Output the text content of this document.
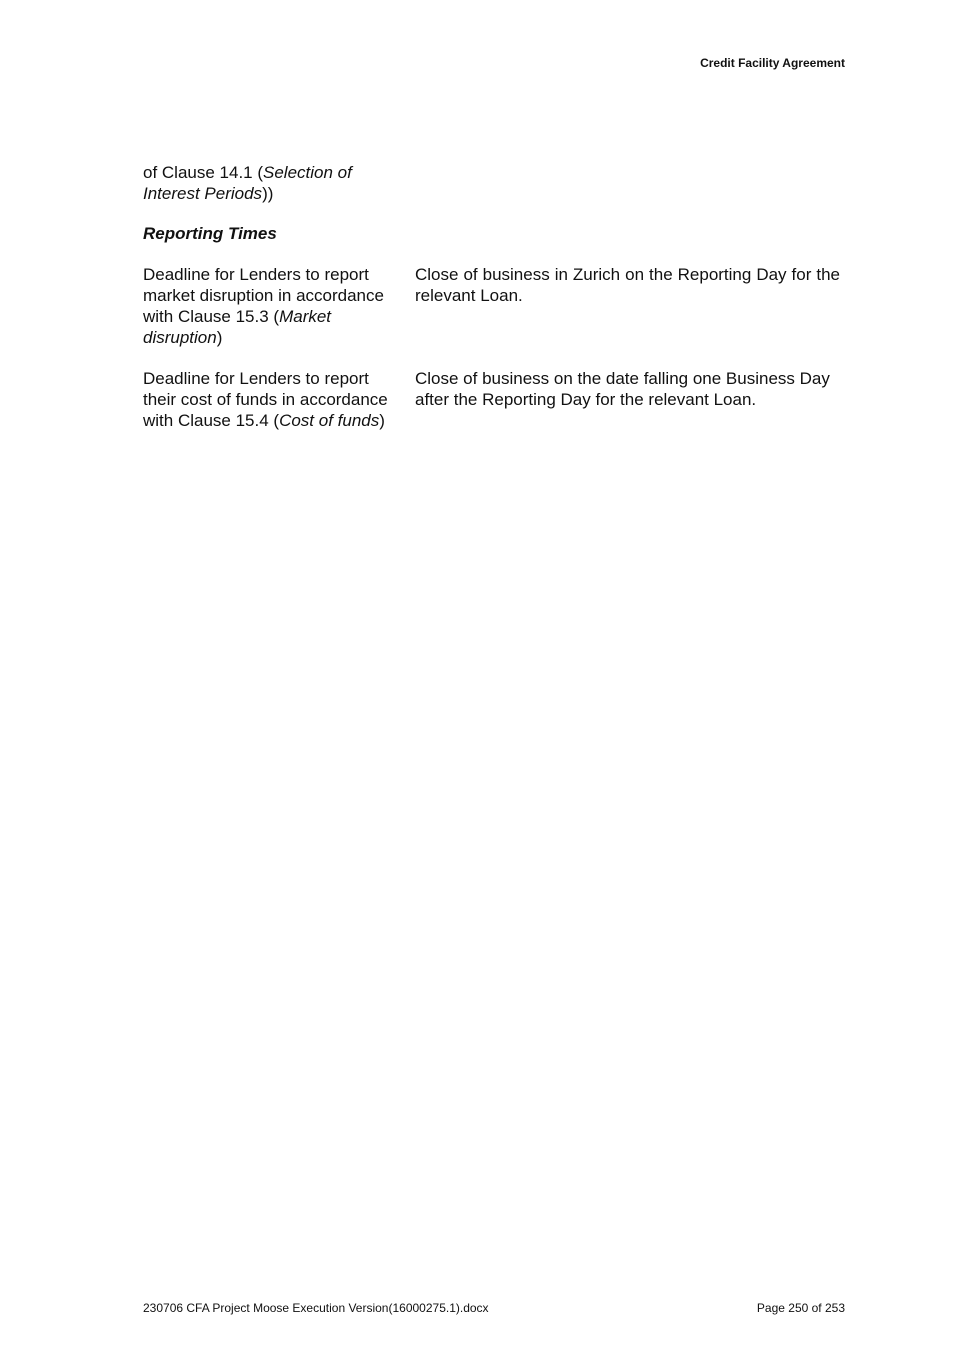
Credit Facility Agreement
of Clause 14.1 (Selection of Interest Periods))
Reporting Times
Deadline for Lenders to report market disruption in accordance with Clause 15.3 (Market disruption)
Close of business in Zurich on the Reporting Day for the relevant Loan.
Deadline for Lenders to report their cost of funds in accordance with Clause 15.4 (Cost of funds)
Close of business on the date falling one Business Day after the Reporting Day for the relevant Loan.
230706 CFA Project Moose Execution Version(16000275.1).docx	Page 250 of 253
